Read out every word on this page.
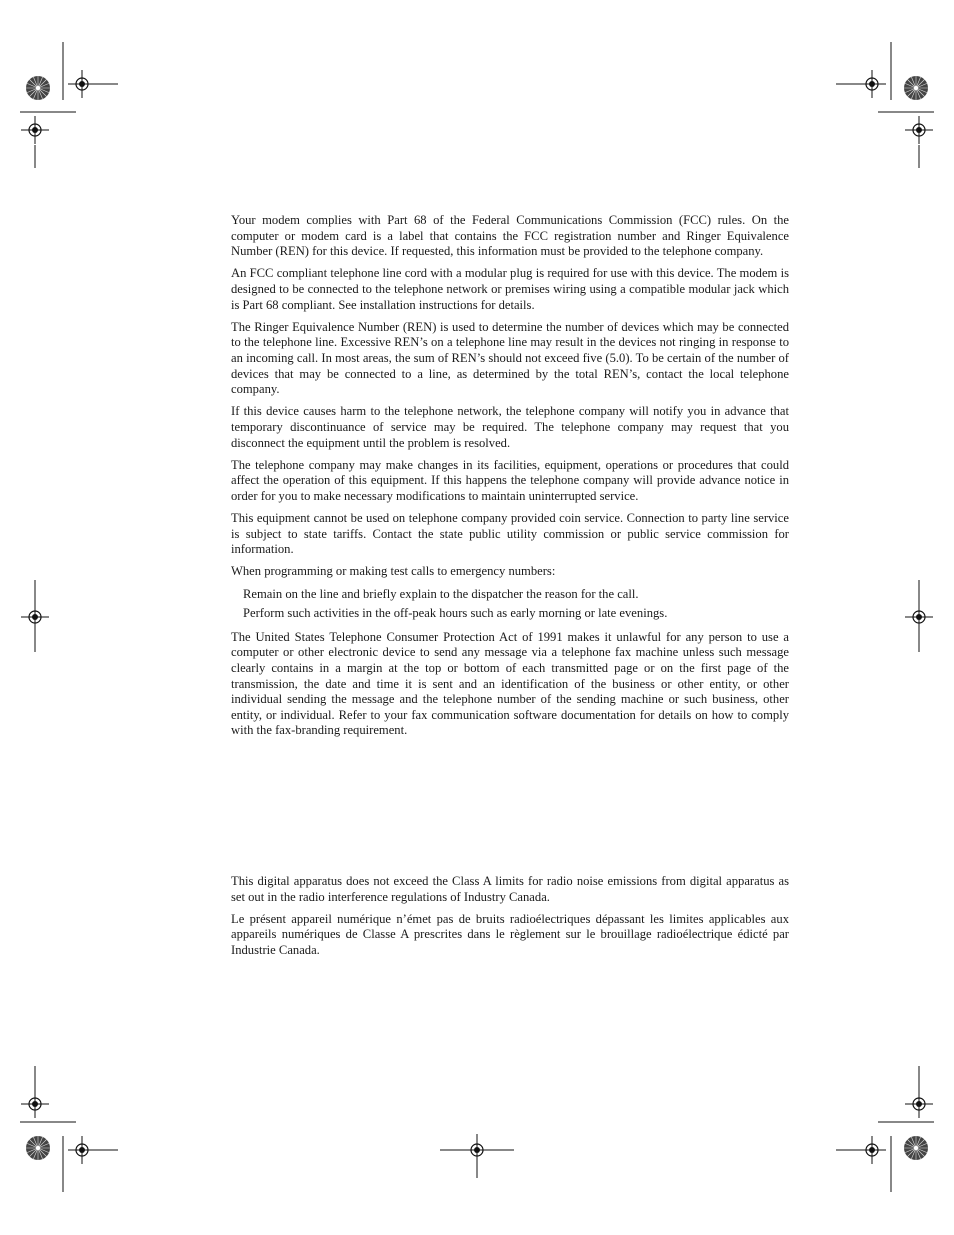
Your modem complies with Part 68 of the Federal Communications Commission (FCC) rules. On the computer or modem card is a label that contains the FCC registration number and Ringer Equivalence Number (REN) for this device. If requested, this information must be provided to the telephone company.

An FCC compliant telephone line cord with a modular plug is required for use with this device. The modem is designed to be connected to the telephone network or premises wiring using a compatible modular jack which is Part 68 compliant. See installation instructions for details.

The Ringer Equivalence Number (REN) is used to determine the number of devices which may be connected to the telephone line. Excessive REN’s on a telephone line may result in the devices not ringing in response to an incoming call. In most areas, the sum of REN’s should not exceed five (5.0). To be certain of the number of devices that may be connected to a line, as determined by the total REN’s, contact the local telephone company.

If this device causes harm to the telephone network, the telephone company will notify you in advance that temporary discontinuance of service may be required. The telephone company may request that you disconnect the equipment until the problem is resolved.

The telephone company may make changes in its facilities, equipment, operations or procedures that could affect the operation of this equipment. If this happens the telephone company will provide advance notice in order for you to make necessary modifications to maintain uninterrupted service.

This equipment cannot be used on telephone company provided coin service. Connection to party line service is subject to state tariffs. Contact the state public utility commission or public service commission for information.

When programming or making test calls to emergency numbers:

Remain on the line and briefly explain to the dispatcher the reason for the call.
Perform such activities in the off-peak hours such as early morning or late evenings.

The United States Telephone Consumer Protection Act of 1991 makes it unlawful for any person to use a computer or other electronic device to send any message via a telephone fax machine unless such message clearly contains in a margin at the top or bottom of each transmitted page or on the first page of the transmission, the date and time it is sent and an identification of the business or other entity, or other individual sending the message and the telephone number of the sending machine or such business, other entity, or individual. Refer to your fax communication software documentation for details on how to comply with the fax-branding requirement.

This digital apparatus does not exceed the Class A limits for radio noise emissions from digital apparatus as set out in the radio interference regulations of Industry Canada.

Le présent appareil numérique n’émet pas de bruits radioélectriques dépassant les limites applicables aux appareils numériques de Classe A prescrites dans le règlement sur le brouillage radioélectrique édicté par Industrie Canada.
